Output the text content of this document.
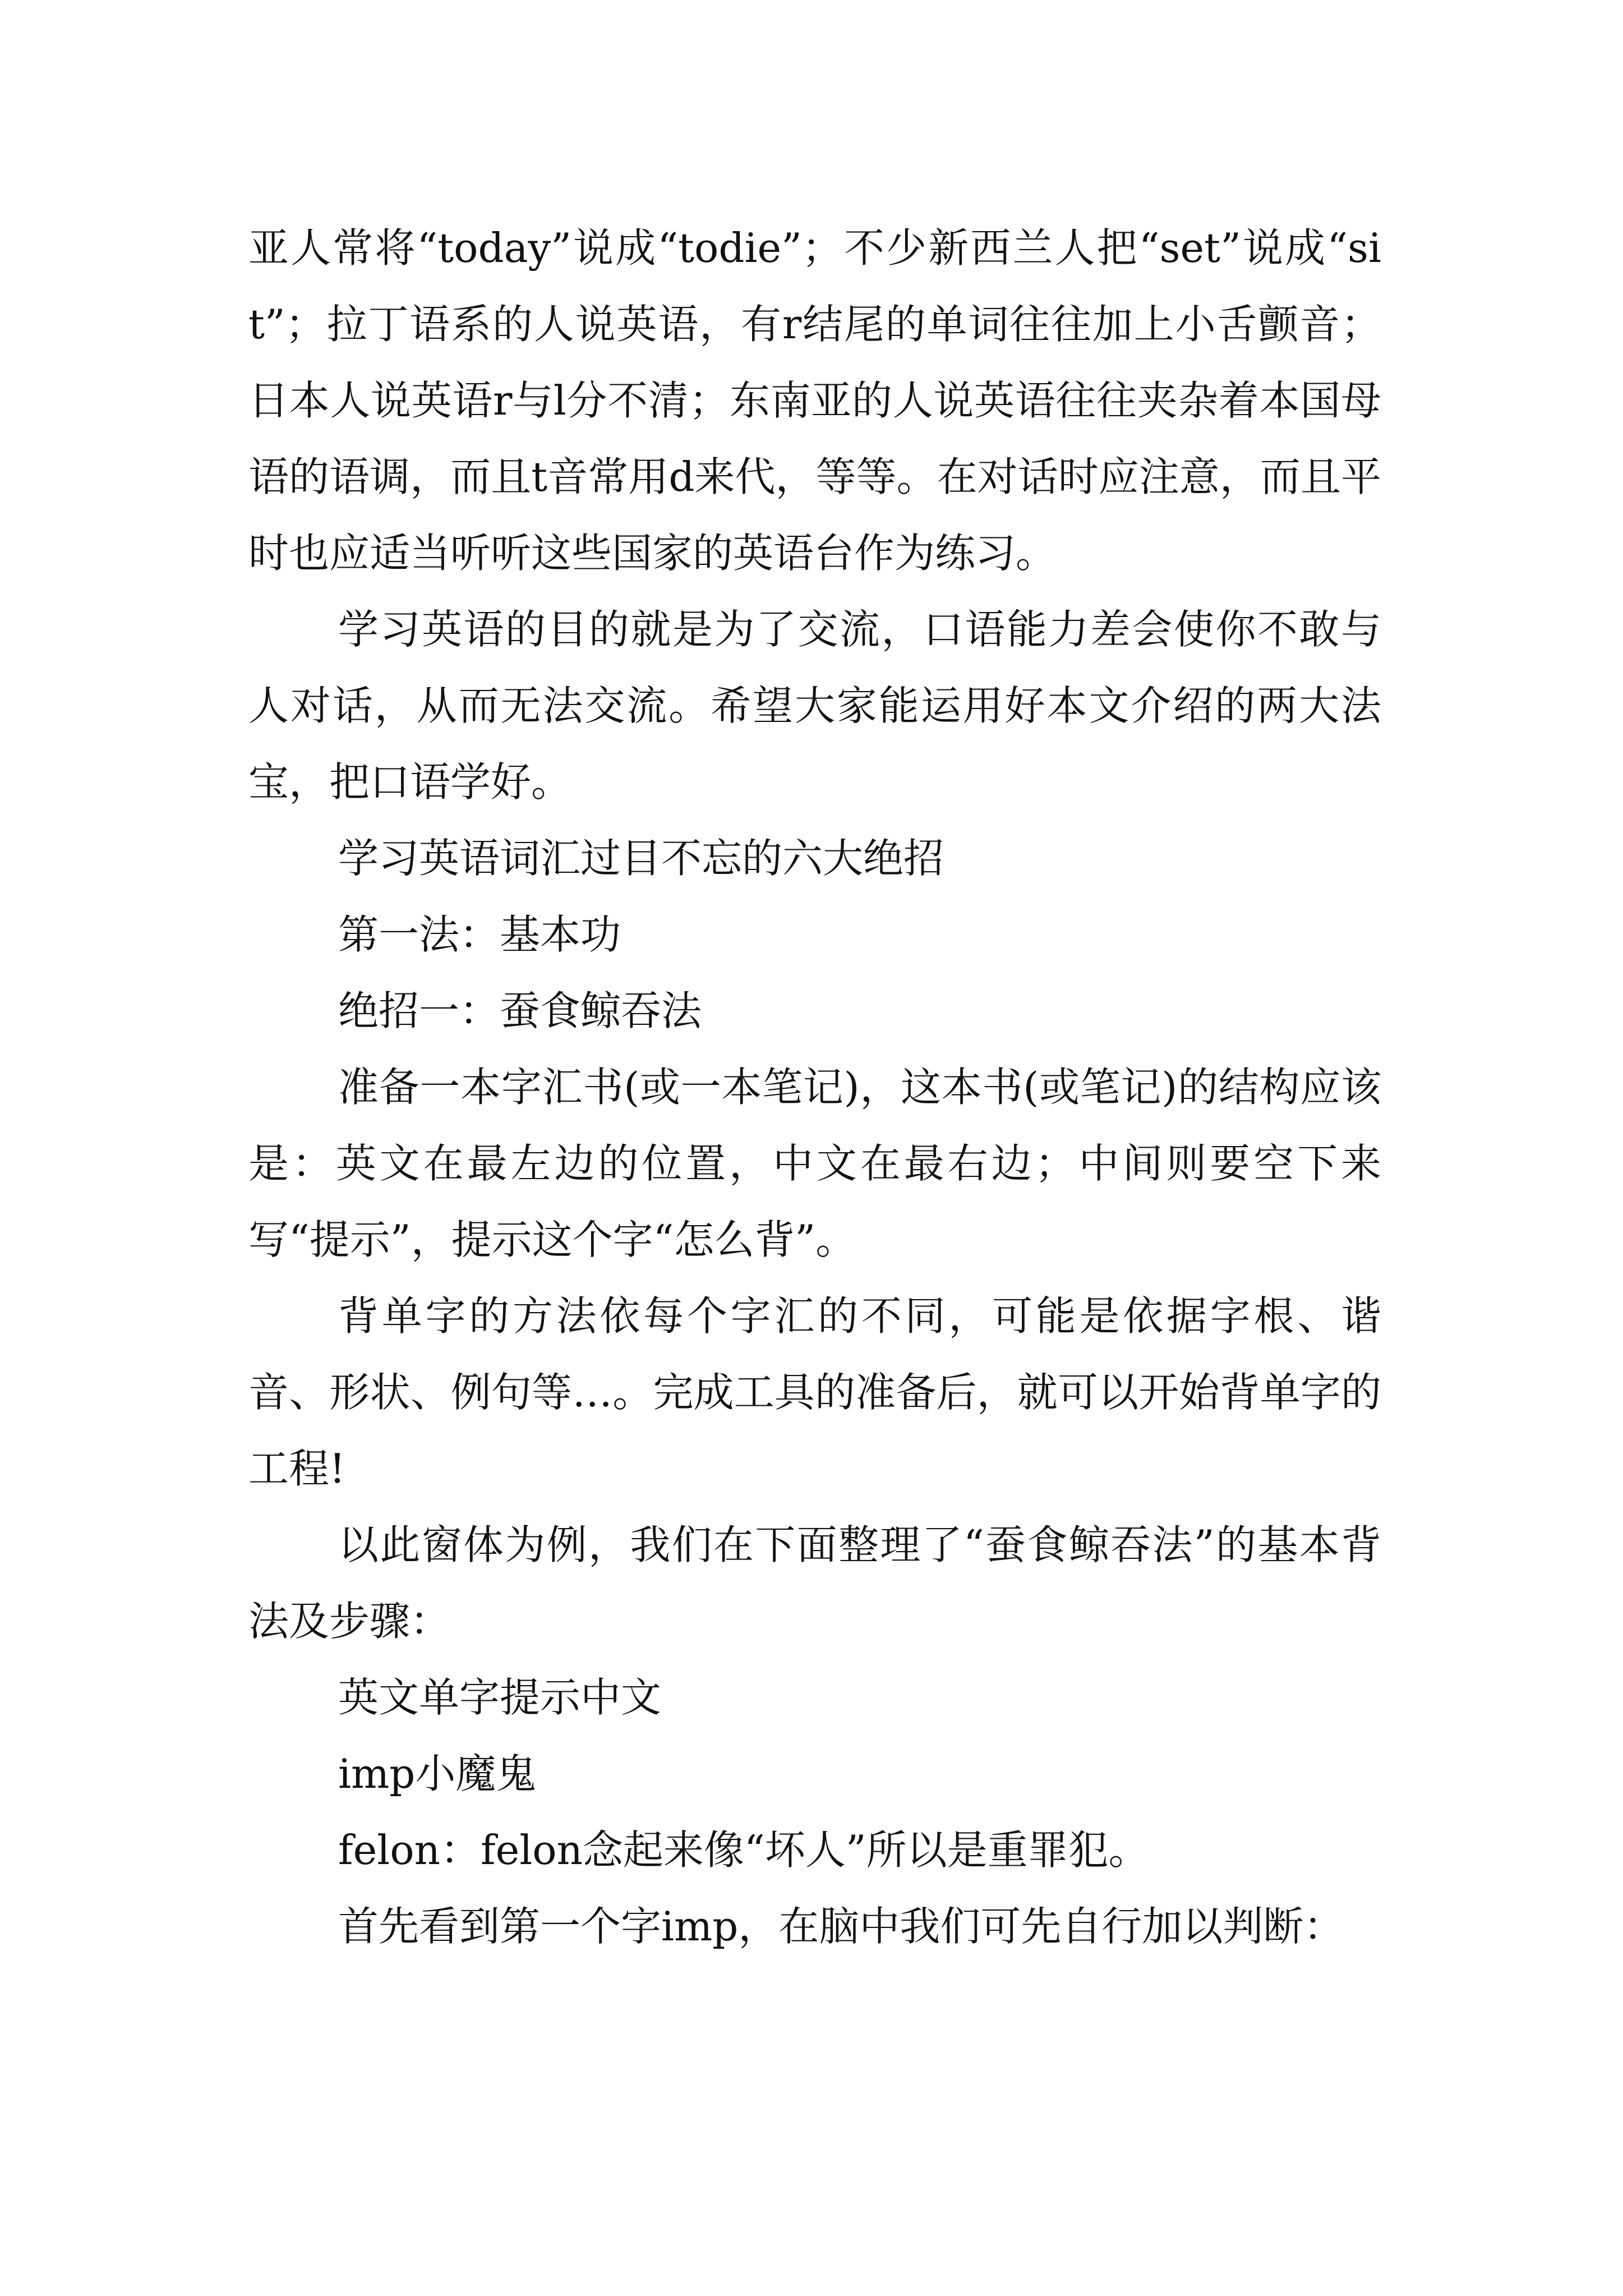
亚人常将“today”说成“todie”；不少新西兰人把“set”说成“sit”；拉丁语系的人说英语，有r结尾的单词往往加上小舌颤音；日本人说英语r与l分不清；东南亚的人说英语往往夹杂着本国母语的语调，而且t音常用d来代，等等。在对话时应注意，而且平时也应适当听听这些国家的英语台作为练习。

学习英语的目的就是为了交流，口语能力差会使你不敢与人对话，从而无法交流。希望大家能运用好本文介绍的两大法宝，把口语学好。

学习英语词汇过目不忘的六大绝招

第一法：基本功

绝招一：蚕食鲸吞法

准备一本字汇书(或一本笔记)，这本书(或笔记)的结构应该是：英文在最左边的位置，中文在最右边；中间则要空下来写“提示”，提示这个字“怎么背”。

背单字的方法依每个字汇的不同，可能是依据字根、谐音、形状、例句等…。完成工具的准备后，就可以开始背单字的工程!

以此窗体为例，我们在下面整理了“蚕食鲸吞法”的基本背法及步骤：

英文单字提示中文

imp小魔鬼

felon：felon念起来像“坏人”所以是重罪犯。

首先看到第一个字imp，在脑中我们可先自行加以判断：
